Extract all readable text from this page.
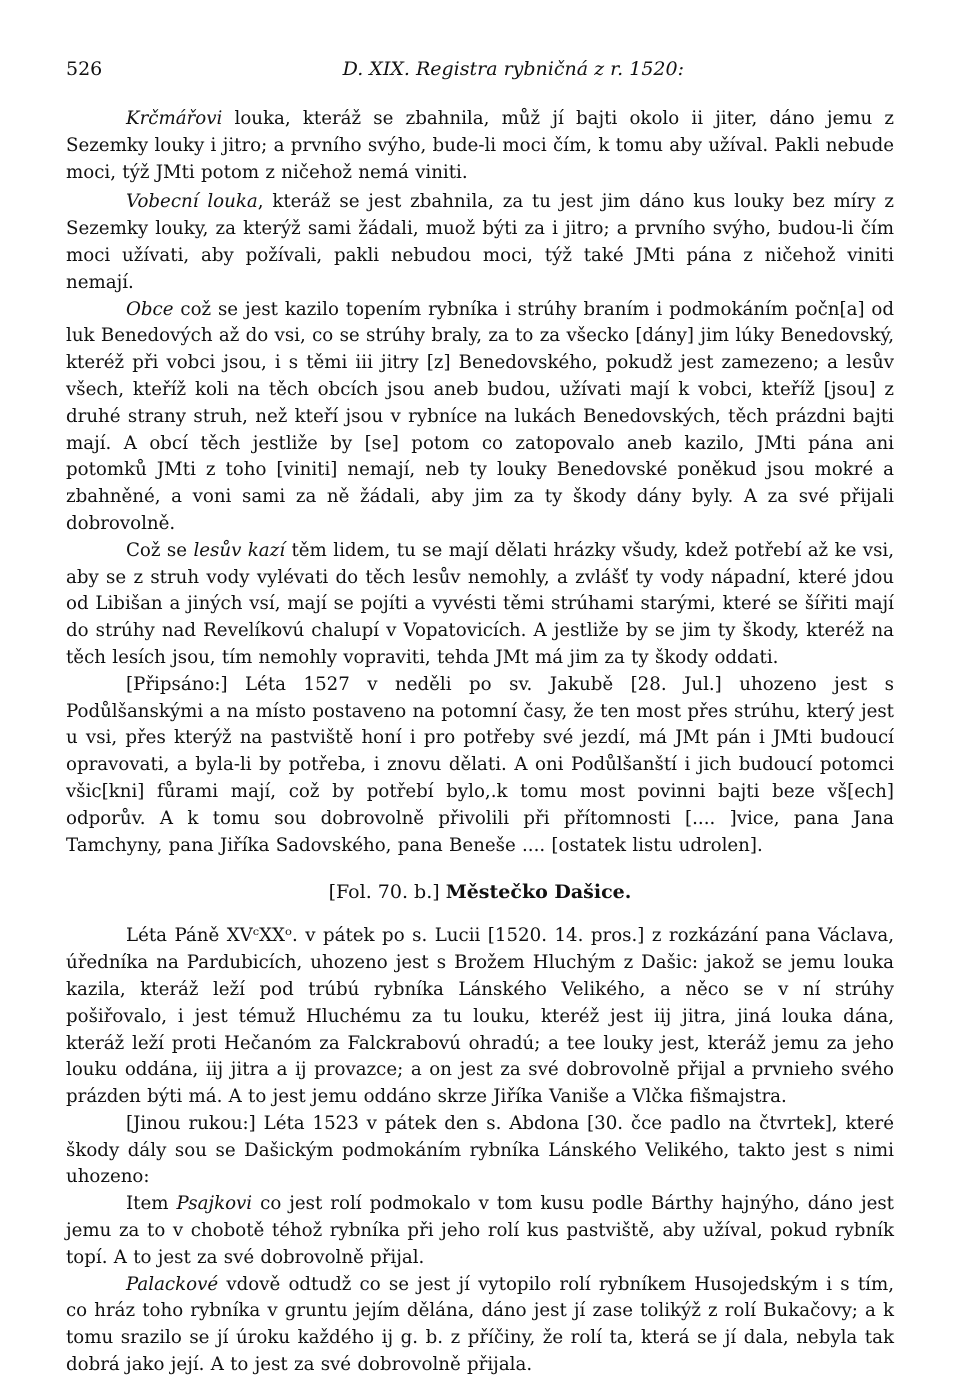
526	D. XIX. Registra rybničná z r. 1520:

Krčmářovi louka, kteráž se zbahnila, můž jí bajti okolo ii jiter, dáno jemu z Sezemky louky i jitro; a prvního svýho, bude-li moci čím, k tomu aby užíval. Pakli nebude moci, týž JMti potom z ničehož nemá viniti.

Vobecní louka, kteráž se jest zbahnila, za tu jest jim dáno kus louky bez míry z Sezemky louky, za kterýž sami žádali, muož býti za i jitro; a prvního svýho, budou-li čím moci užívati, aby požívali, pakli nebudou moci, týž také JMti pána z ničehož viniti nemají.

Obce což se jest kazilo topením rybníka i strúhy braním i podmokáním počn[a] od luk Benedových až do vsi, co se strúhy braly, za to za všecko [dány] jim lúky Benedovský, kteréž při vobci jsou, i s těmi iii jitry [z] Benedovského, pokudž jest zamezeno; a lesův všech, kteříž koli na těch obcích jsou aneb budou, užívati mají k vobci, kteříž [jsou] z druhé strany struh, než kteří jsou v rybníce na lukách Benedovských, těch prázdni bajti mají. A obcí těch jestliže by [se] potom co zatopovalo aneb kazilo, JMti pána ani potomků JMti z toho [viniti] nemají, neb ty louky Benedovské poněkud jsou mokré a zbahněné, a voni sami za ně žádali, aby jim za ty škody dány byly. A za své přijali dobrovolně.

Což se lesův kazí těm lidem, tu se mají dělati hrázky všudy, kdež potřebí až ke vsi, aby se z struh vody vylévati do těch lesův nemohly, a zvlášť ty vody nápadní, které jdou od Libišan a jiných vsí, mají se pojíti a vyvésti těmi strúhami starými, které se šířiti mají do strúhy nad Revelíkovú chalupí v Vopatovicích. A jestliže by se jim ty škody, kteréž na těch lesích jsou, tím nemohly vopraviti, tehda JMt má jim za ty škody oddati.

[Připsáno:] Léta 1527 v neděli po sv. Jakubě [28. Jul.] uhozeno jest s Podůlšanskými a na místo postaveno na potomní časy, že ten most přes strúhu, který jest u vsi, přes kterýž na pastviště honí i pro potřeby své jezdí, má JMt pán i JMti budoucí opravovati, a byla-li by potřeba, i znovu dělati. A oni Podůlšanští i jich budoucí potomci všic[kni] fůrami mají, což by potřebí bylo,.k tomu most povinni bajti beze vš[ech] odporův. A k tomu sou dobrovolně přivolili při přítomnosti [.... ]vice, pana Jana Tamchyny, pana Jiříka Sadovského, pana Beneše .... [ostatek listu udrolen].

[Fol. 70. b.] Městečko Dašice.

Léta Páně XVᶜXXᵒ. v pátek po s. Lucii [1520. 14. pros.] z rozkázání pana Václava, úředníka na Pardubicích, uhozeno jest s Brožem Hluchým z Dašic: jakož se jemu louka kazila, kteráž leží pod trúbú rybníka Lánského Velikého, a něco se v ní strúhy pošiřovalo, i jest témuž Hluchému za tu louku, kteréž jest iij jitra, jiná louka dána, kteráž leží proti Hečanóm za Falckrabovú ohradú; a tee louky jest, kteráž jemu za jeho louku oddána, iij jitra a ij provazce; a on jest za své dobrovolně přijal a prvnieho svého prázden býti má. A to jest jemu oddáno skrze Jiříka Vaniše a Vlčka fišmajstra.

[Jinou rukou:] Léta 1523 v pátek den s. Abdona [30. čce padlo na čtvrtek], které škody dály sou se Dašickým podmokáním rybníka Lánského Velikého, takto jest s nimi uhozeno:

Item Psajkovi co jest rolí podmokalo v tom kusu podle Bárthy hajnýho, dáno jest jemu za to v chobotě téhož rybníka při jeho rolí kus pastviště, aby užíval, pokud rybník topí. A to jest za své dobrovolně přijal.

Palackové vdově odtudž co se jest jí vytopilo rolí rybníkem Husojedským i s tím, co hráz toho rybníka v gruntu jejím dělána, dáno jest jí zase tolikýž z rolí Bukačovy; a k tomu srazilo se jí úroku každého ij g. b. z příčiny, že rolí ta, která se jí dala, nebyla tak dobrá jako její. A to jest za své dobrovolně přijala.
